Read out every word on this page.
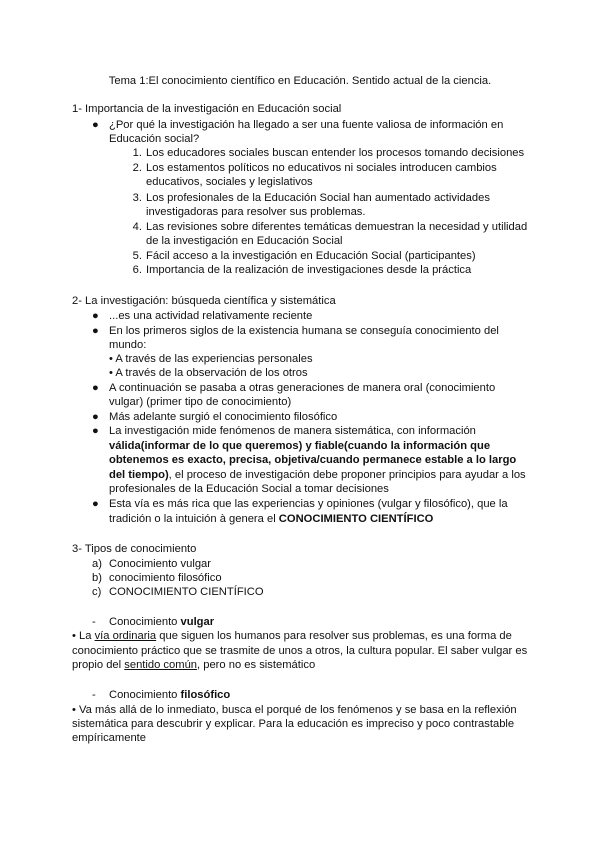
Tema 1:El conocimiento científico en Educación. Sentido actual de la ciencia.
1- Importancia de la investigación en Educación social
● ¿Por qué la investigación ha llegado a ser una fuente valiosa de información en
Educación social?
1. Los educadores sociales buscan entender los procesos tomando decisiones
2. Los estamentos políticos no educativos ni sociales introducen cambios
educativos, sociales y legislativos
3. Los profesionales de la Educación Social han aumentado actividades
investigadoras para resolver sus problemas.
4. Las revisiones sobre diferentes temáticas demuestran la necesidad y utilidad
de la investigación en Educación Social
5. Fácil acceso a la investigación en Educación Social (participantes)
6. Importancia de la realización de investigaciones desde la práctica
2- La investigación: búsqueda científica y sistemática
● ...es una actividad relativamente reciente
● En los primeros siglos de la existencia humana se conseguía conocimiento del
mundo:
• A través de las experiencias personales
• A través de la observación de los otros
● A continuación se pasaba a otras generaciones de manera oral (conocimiento
vulgar) (primer tipo de conocimiento)
● Más adelante surgió el conocimiento filosófico
● La investigación mide fenómenos de manera sistemática, con información
válida(informar de lo que queremos) y fiable(cuando la información que
obtenemos es exacto, precisa, objetiva/cuando permanece estable a lo largo
del tiempo), el proceso de investigación debe proponer principios para ayudar a los
profesionales de la Educación Social a tomar decisiones
● Esta vía es más rica que las experiencias y opiniones (vulgar y filosófico), que la
tradición o la intuición à genera el CONOCIMIENTO CIENTÍFICO
3- Tipos de conocimiento
a) Conocimiento vulgar
b) conocimiento filosófico
c) CONOCIMIENTO CIENTÍFICO
- Conocimiento vulgar
• La vía ordinaria que siguen los humanos para resolver sus problemas, es una forma de
conocimiento práctico que se trasmite de unos a otros, la cultura popular. El saber vulgar es
propio del sentido común, pero no es sistemático
- Conocimiento filosófico
• Va más allá de lo inmediato, busca el porqué de los fenómenos y se basa en la reflexión
sistemática para descubrir y explicar. Para la educación es impreciso y poco contrastable
empíricamente
